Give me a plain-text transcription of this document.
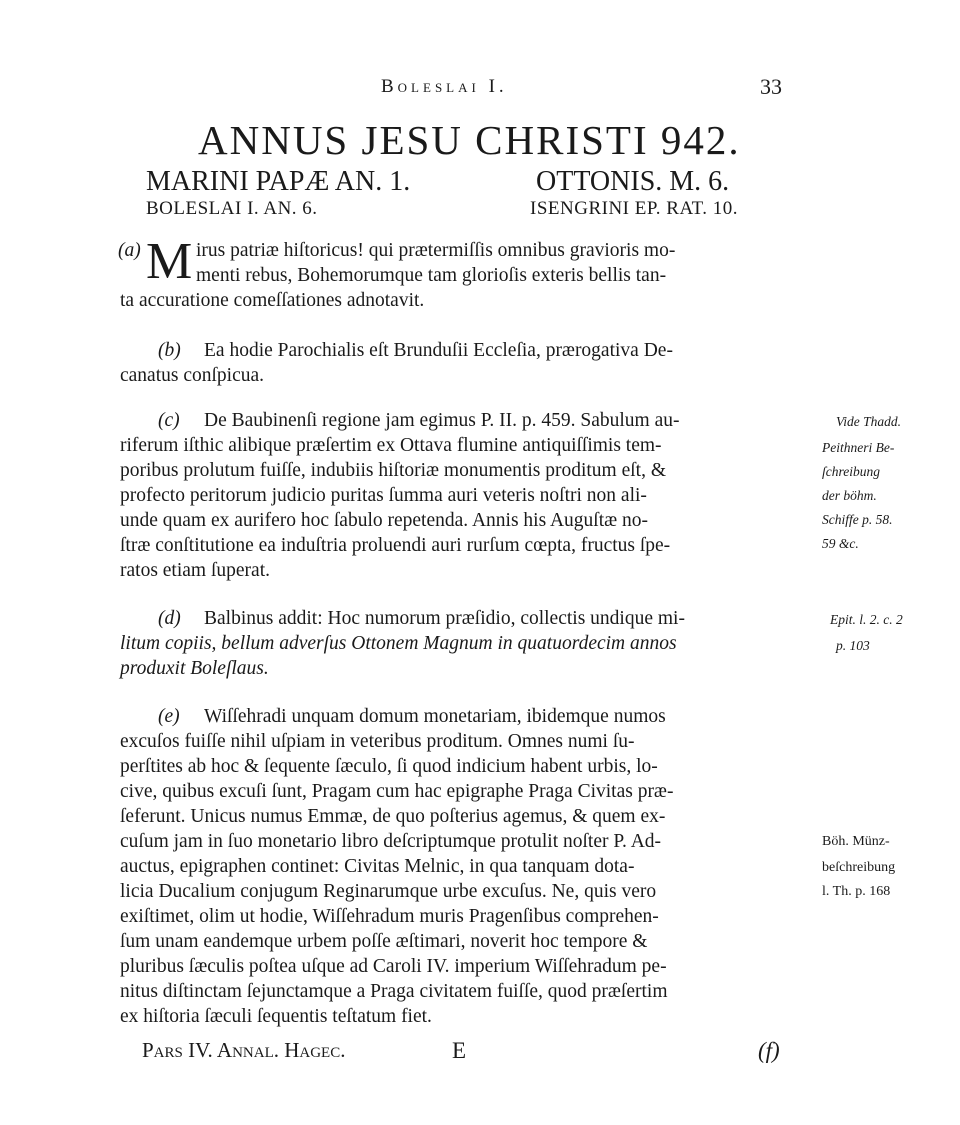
Boleslai I.	33
ANNUS JESU CHRISTI 942.
MARINI PAPÆ AN. 1.	OTTONIS. M. 6.
BOLESLAI I. AN. 6.	ISENGRINI EP. RAT. 10.
(a) M irus patriæ hiſtoricus! qui prætermiſſis omnibus gravioris mo-
menti rebus, Bohemorumque tam glorioſis exteris bellis tan-
ta accuratione comeſſationes adnotavit.
(b) Ea hodie Parochialis eſt Brunduſii Eccleſia, prærogativa De-
canatus conſpicua.
(c) De Baubinenſi regione jam egimus P. II. p. 459. Sabulum au-
riferum iſthic alibique præſertim ex Ottava flumine antiquiſſimis tem-
poribus prolutum fuiſſe, indubiis hiſtoriæ monumentis proditum eſt, &
profecto peritorum judicio puritas ſumma auri veteris noſtri non ali-
unde quam ex aurifero hoc ſabulo repetenda. Annis his Auguſtæ no-
ſtræ conſtitutione ea induſtria proluendi auri rurſum cœpta, fructus ſpe-
ratos etiam ſuperat.
Vide Thadd.
Peithneri Be-
ſchreibung
der böhm.
Schiffe p. 58.
59 &c.
(d) Balbinus addit: Hoc numorum præſidio, collectis undique mi-
litum copiis, bellum adverſus Ottonem Magnum in quatuordecim annos
produxit Boleſlaus.
Epit. l. 2. c. 2
p. 103
(e) Wiſſehradi unquam domum monetariam, ibidemque numos
excuſos fuiſſe nihil uſpiam in veteribus proditum. Omnes numi ſu-
perſtites ab hoc & ſequente ſæculo, ſi quod indicium habent urbis, lo-
cive, quibus excuſi ſunt, Pragam cum hac epigraphe Praga Civitas præ-
ſeferunt. Unicus numus Emmæ, de quo poſterius agemus, & quem ex-
cuſum jam in ſuo monetario libro deſcriptumque protulit noſter P. Ad-
auctus, epigraphen continet: Civitas Melnic, in qua tanquam dota-
licia Ducalium conjugum Reginarumque urbe excuſus. Ne, quis vero
exiſtimet, olim ut hodie, Wiſſehradum muris Pragenſibus comprehen-
ſum unam eandemque urbem poſſe æſtimari, noverit hoc tempore &
pluribus ſæculis poſtea uſque ad Caroli IV. imperium Wiſſehradum pe-
nitus diſtinctam ſejunctamque a Praga civitatem fuiſſe, quod præſertim
ex hiſtoria ſæculi ſequentis teſtatum fiet.
Böh. Münz-
beſchreibung
l. Th. p. 168
Pars IV. Annal. Hagec.	E	(f)
